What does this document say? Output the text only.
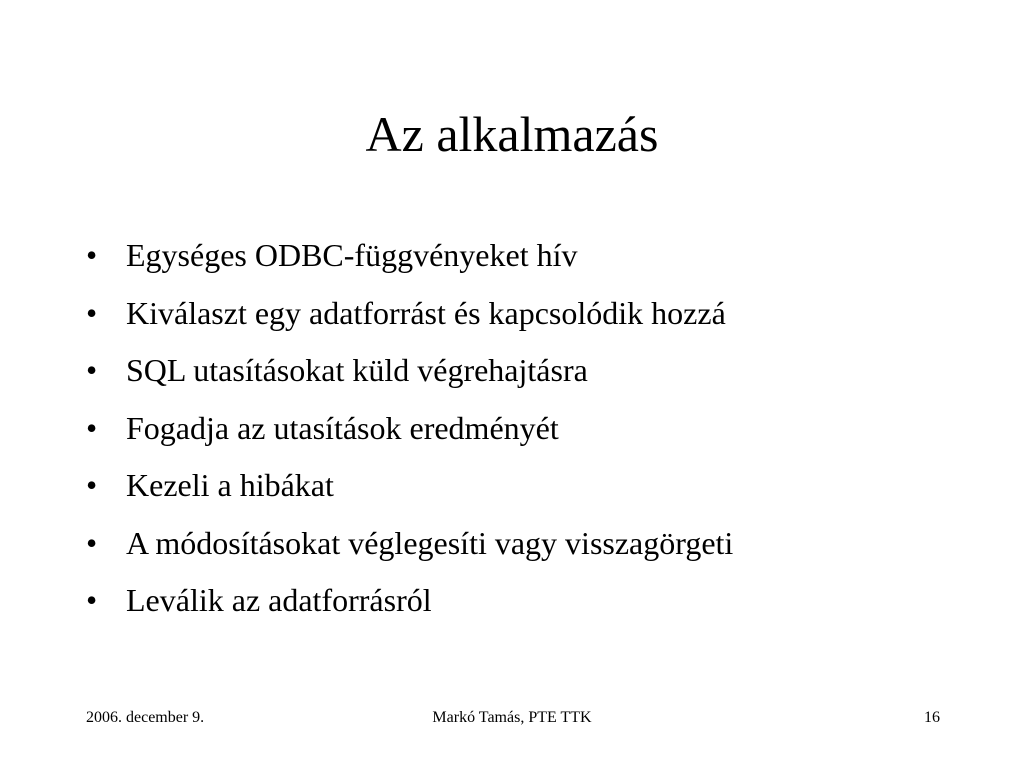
Az alkalmazás
• Egységes ODBC-függvényeket hív
• Kiválaszt egy adatforrást és kapcsolódik hozzá
• SQL utasításokat küld végrehajtásra
• Fogadja az utasítások eredményét
• Kezeli a hibákat
• A módosításokat véglegesíti vagy visszagörgeti
• Leválik az adatforrásról
2006. december 9.	Markó Tamás, PTE TTK	16
